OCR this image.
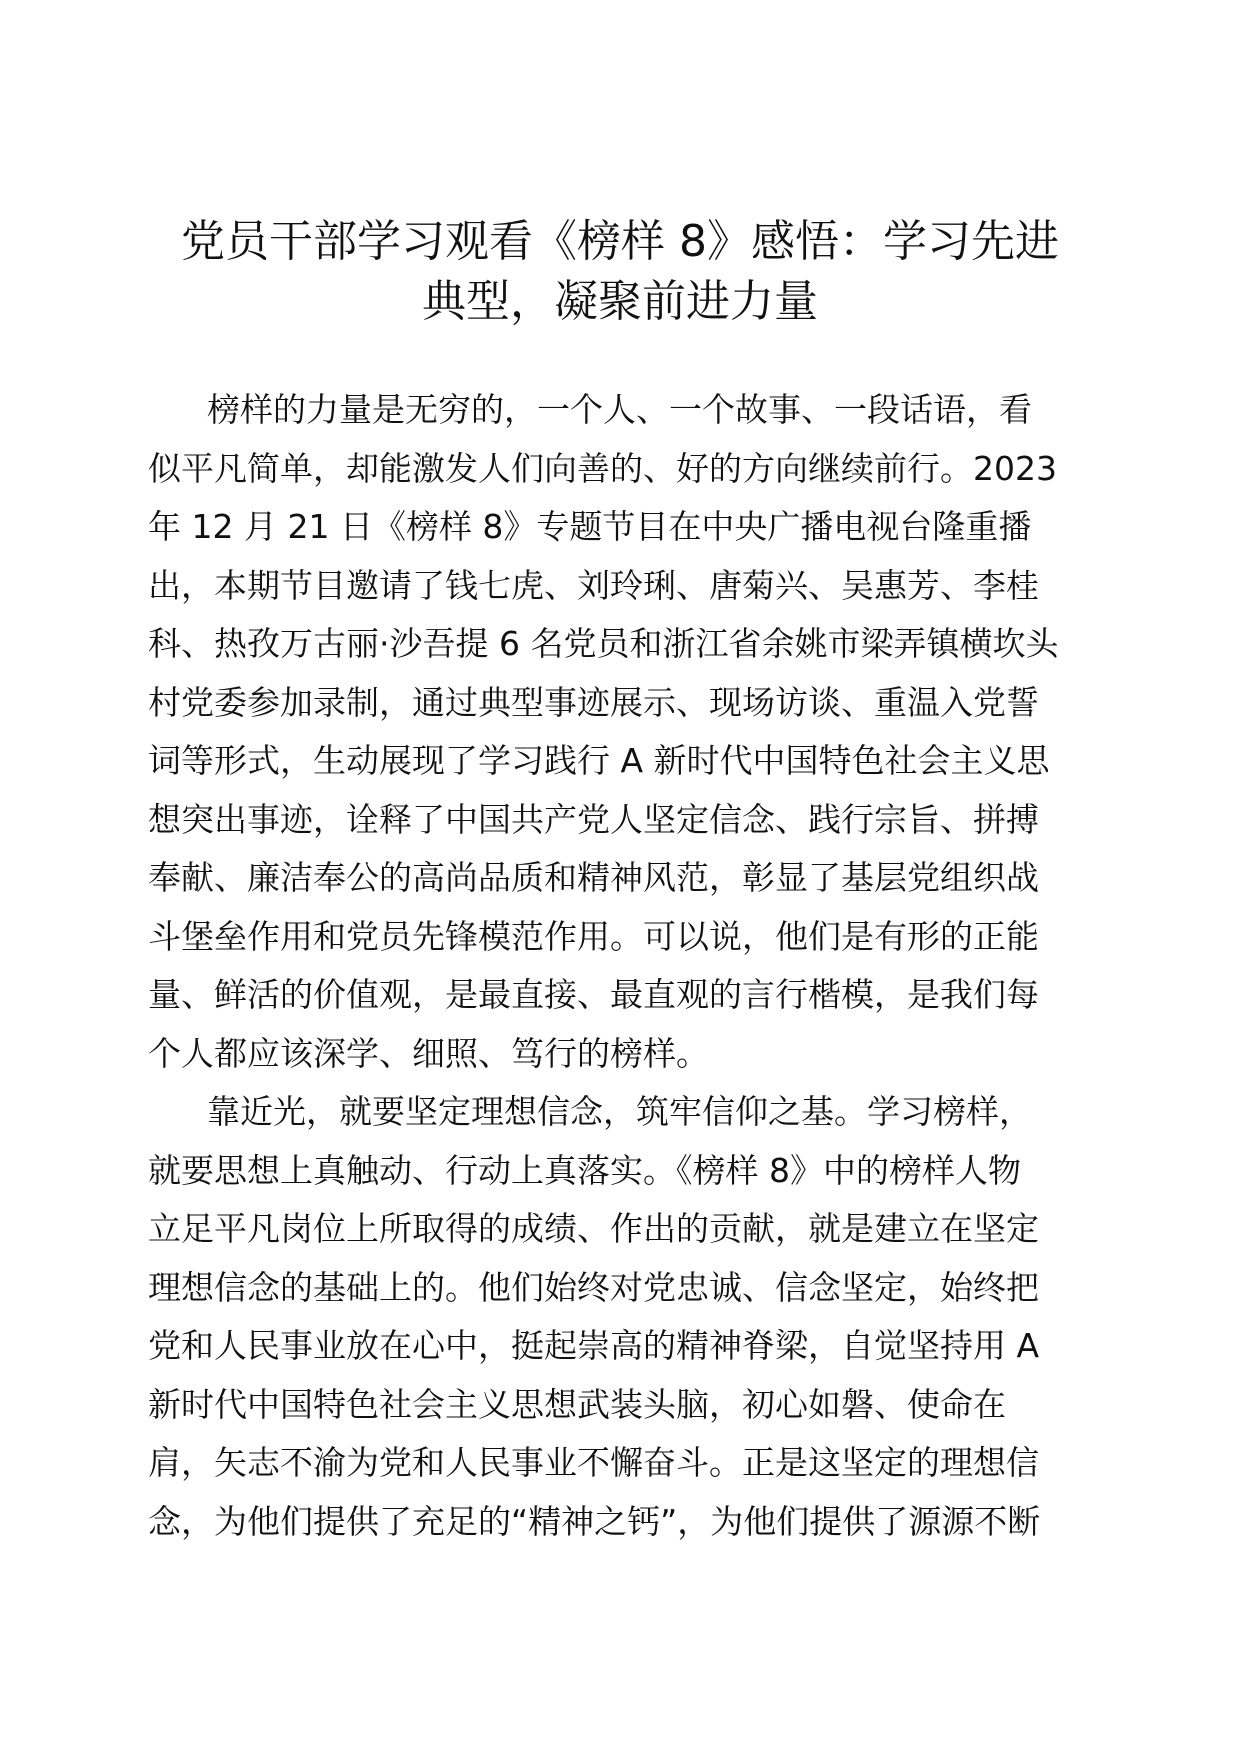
党员干部学习观看《榜样 8》感悟：学习先进
典型，凝聚前进力量
榜样的力量是无穷的，一个人、一个故事、一段话语，看
似平凡简单，却能激发人们向善的、好的方向继续前行。2023
年 12 月 21 日《榜样 8》专题节目在中央广播电视台隆重播
出，本期节目邀请了钱七虎、刘玲琍、唐菊兴、吴惠芳、李桂
科、热孜万古丽·沙吾提 6 名党员和浙江省余姚市梁弄镇横坎头
村党委参加录制，通过典型事迹展示、现场访谈、重温入党誓
词等形式，生动展现了学习践行 A 新时代中国特色社会主义思
想突出事迹，诠释了中国共产党人坚定信念、践行宗旨、拼搏
奉献、廉洁奉公的高尚品质和精神风范，彰显了基层党组织战
斗堡垒作用和党员先锋模范作用。可以说，他们是有形的正能
量、鲜活的价值观，是最直接、最直观的言行楷模，是我们每
个人都应该深学、细照、笃行的榜样。
靠近光，就要坚定理想信念，筑牢信仰之基。学习榜样，
就要思想上真触动、行动上真落实。《榜样 8》中的榜样人物
立足平凡岗位上所取得的成绩、作出的贡献，就是建立在坚定
理想信念的基础上的。他们始终对党忠诚、信念坚定，始终把
党和人民事业放在心中，挺起崇高的精神脊梁，自觉坚持用 A
新时代中国特色社会主义思想武装头脑，初心如磐、使命在
肩，矢志不渝为党和人民事业不懈奋斗。正是这坚定的理想信
念，为他们提供了充足的“精神之钙”，为他们提供了源源不断
